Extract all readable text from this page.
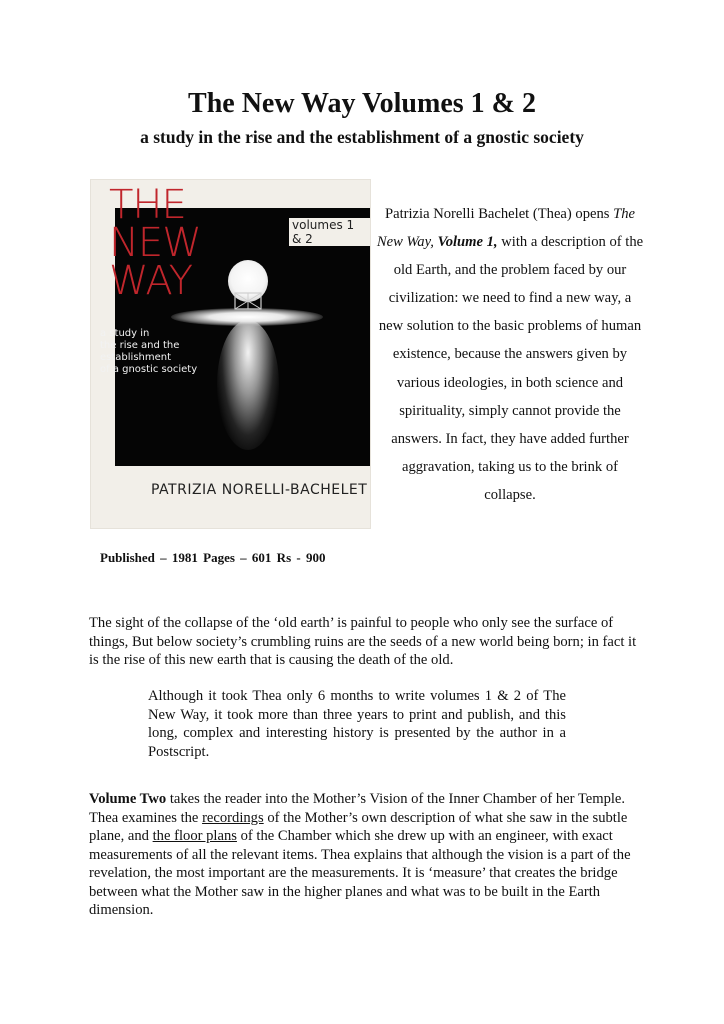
The New Way Volumes 1 & 2
a study in the rise and the establishment of a gnostic society
THE
NEW
WAY
volumes 1 & 2
a study in
the rise and the
establishment
of a gnostic society
PATRIZIA NORELLI-BACHELET

Published – 1981 Pages – 601 Rs - 900

Patrizia Norelli Bachelet (Thea) opens The New Way, Volume 1, with a description of the old Earth, and the problem faced by our civilization: we need to find a new way, a new solution to the basic problems of human existence, because the answers given by various ideologies, in both science and spirituality, simply cannot provide the answers. In fact, they have added further aggravation, taking us to the brink of collapse.

The sight of the collapse of the ‘old earth’ is painful to people who only see the surface of things, But below society’s crumbling ruins are the seeds of a new world being born; in fact it is the rise of this new earth that is causing the death of the old.

Although it took Thea only 6 months to write volumes 1 & 2 of The New Way, it took more than three years to print and publish, and this long, complex and interesting history is presented by the author in a Postscript.

Volume Two takes the reader into the Mother’s Vision of the Inner Chamber of her Temple. Thea examines the recordings of the Mother’s own description of what she saw in the subtle plane, and the floor plans of the Chamber which she drew up with an engineer, with exact measurements of all the relevant items. Thea explains that although the vision is a part of the revelation, the most important are the measurements. It is ‘measure’ that creates the bridge between what the Mother saw in the higher planes and what was to be built in the Earth dimension.
